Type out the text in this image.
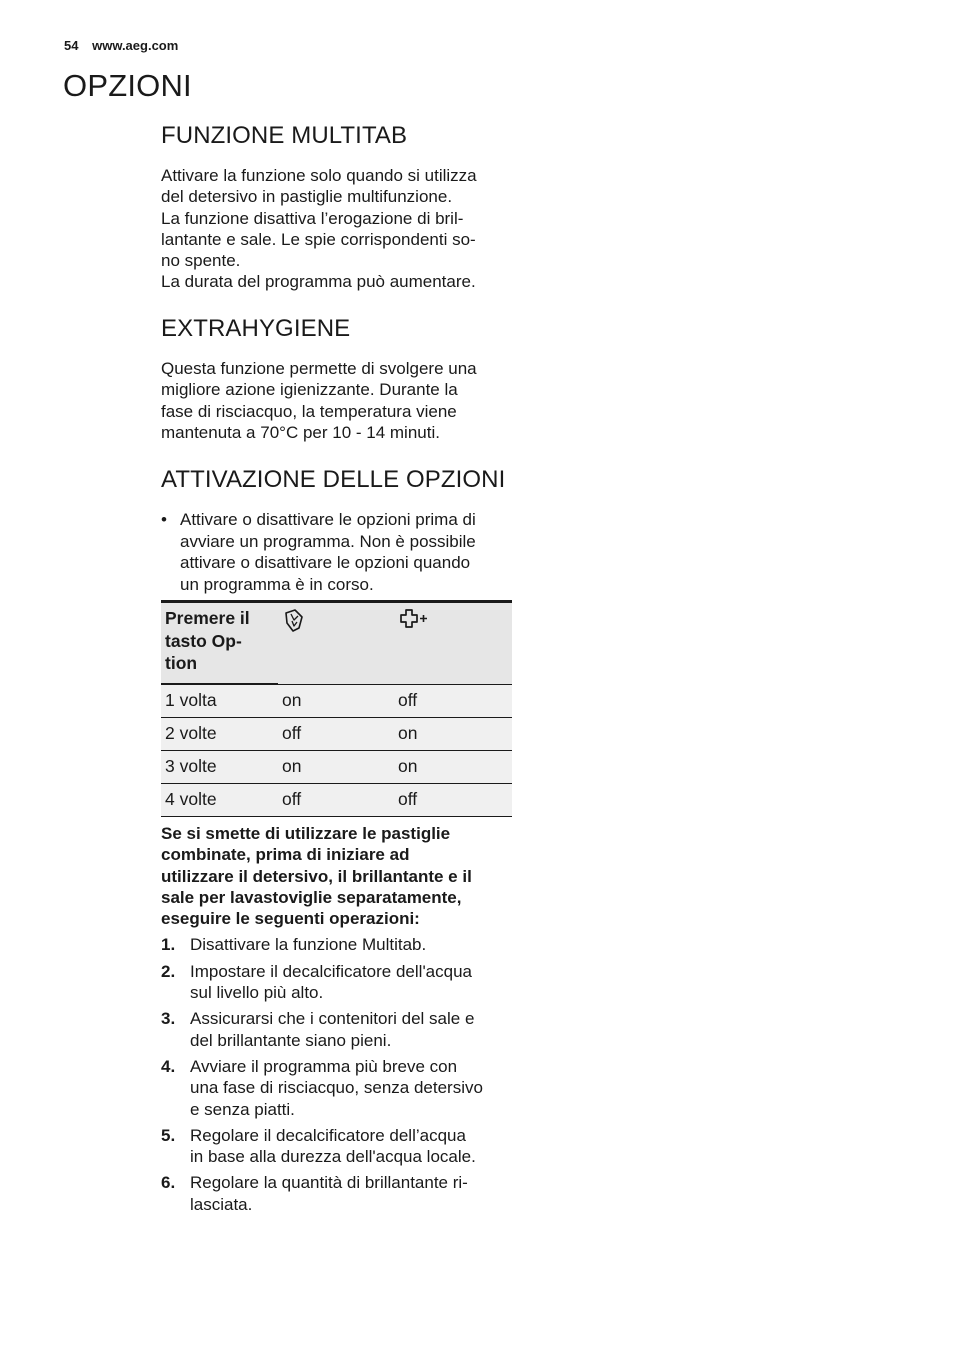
54 www.aeg.com
OPZIONI
FUNZIONE MULTITAB

Attivare la funzione solo quando si utilizza
del detersivo in pastiglie multifunzione.
La funzione disattiva l’erogazione di bril-
lantante e sale. Le spie corrispondenti so-
no spente.
La durata del programma può aumentare.

EXTRAHYGIENE

Questa funzione permette di svolgere una
migliore azione igienizzante. Durante la
fase di risciacquo, la temperatura viene
mantenuta a 70°C per 10 - 14 minuti.

ATTIVAZIONE DELLE OPZIONI
• Attivare o disattivare le opzioni prima di
avviare un programma. Non è possibile
attivare o disattivare le opzioni quando
un programma è in corso.
Premere il
tasto Op-
tion	

1 volta	on	off
2 volte	off	on
3 volte	on	on
4 volte	off	off

Se si smette di utilizzare le pastiglie
combinate, prima di iniziare ad
utilizzare il detersivo, il brillantante e il
sale per lavastoviglie separatamente,
eseguire le seguenti operazioni:

1. Disattivare la funzione Multitab.
2. Impostare il decalcificatore dell'acqua
sul livello più alto.
3. Assicurarsi che i contenitori del sale e
del brillantante siano pieni.
4. Avviare il programma più breve con
una fase di risciacquo, senza detersivo
e senza piatti.
5. Regolare il decalcificatore dell’acqua
in base alla durezza dell'acqua locale.
6. Regolare la quantità di brillantante ri-
lasciata.
